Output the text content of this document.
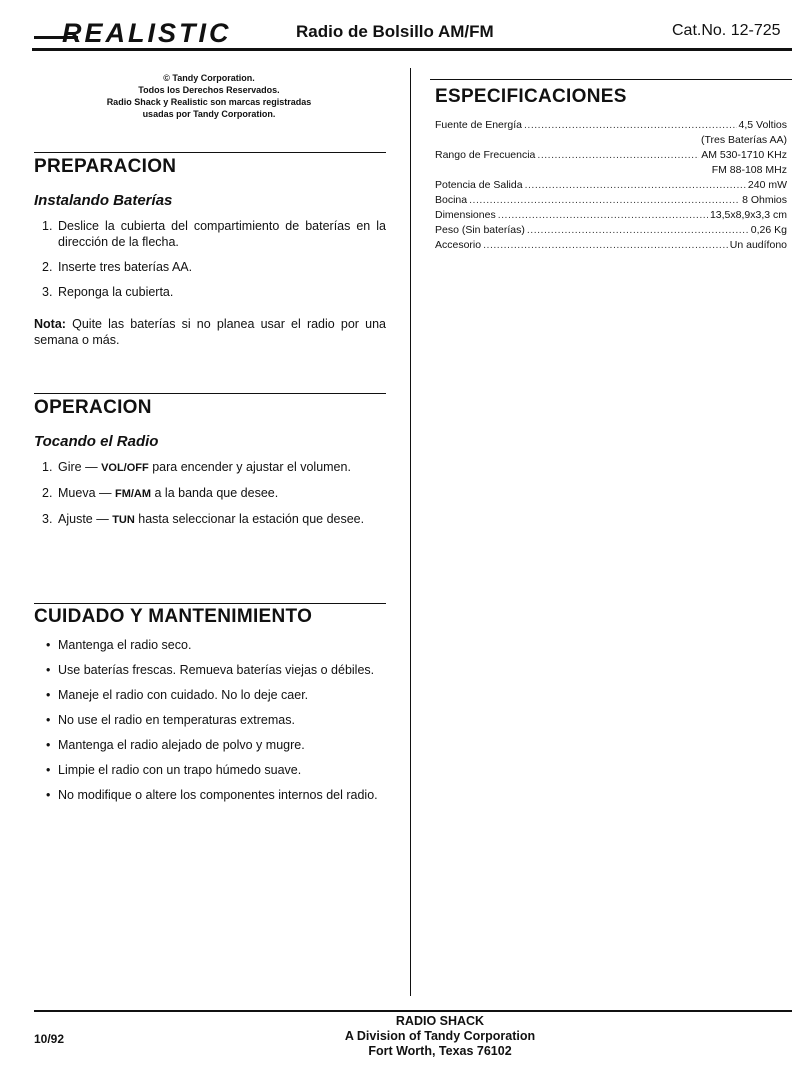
REALISTIC	Radio de Bolsillo AM/FM	Cat.No. 12-725
© Tandy Corporation.
Todos los Derechos Reservados.
Radio Shack y Realistic son marcas registradas
usadas por Tandy Corporation.
PREPARACION
Instalando Baterías
1. Deslice la cubierta del compartimiento de baterías en la dirección de la flecha.
2. Inserte tres baterías AA.
3. Reponga la cubierta.
Nota: Quite las baterías si no planea usar el radio por una semana o más.
OPERACION
Tocando el Radio
1. Gire — VOL/OFF para encender y ajustar el volumen.
2. Mueva — FM/AM a la banda que desee.
3. Ajuste — TUN hasta seleccionar la estación que desee.
CUIDADO Y MANTENIMIENTO
• Mantenga el radio seco.
• Use baterías frescas. Remueva baterías viejas o débiles.
• Maneje el radio con cuidado. No lo deje caer.
• No use el radio en temperaturas extremas.
• Mantenga el radio alejado de polvo y mugre.
• Limpie el radio con un trapo húmedo suave.
• No modifique o altere los componentes internos del radio.
ESPECIFICACIONES
Fuente de Energía .....	4,5 Voltios
(Tres Baterías AA)
Rango de Frecuencia .....	AM 530-1710 KHz
FM 88-108 MHz
Potencia de Salida .....	240 mW
Bocina .....	8 Ohmios
Dimensiones .....	13,5x8,9x3,3 cm
Peso (Sin baterías) .....	0,26 Kg
Accesorio .....	Un audífono
10/92
RADIO SHACK
A Division of Tandy Corporation
Fort Worth, Texas 76102
